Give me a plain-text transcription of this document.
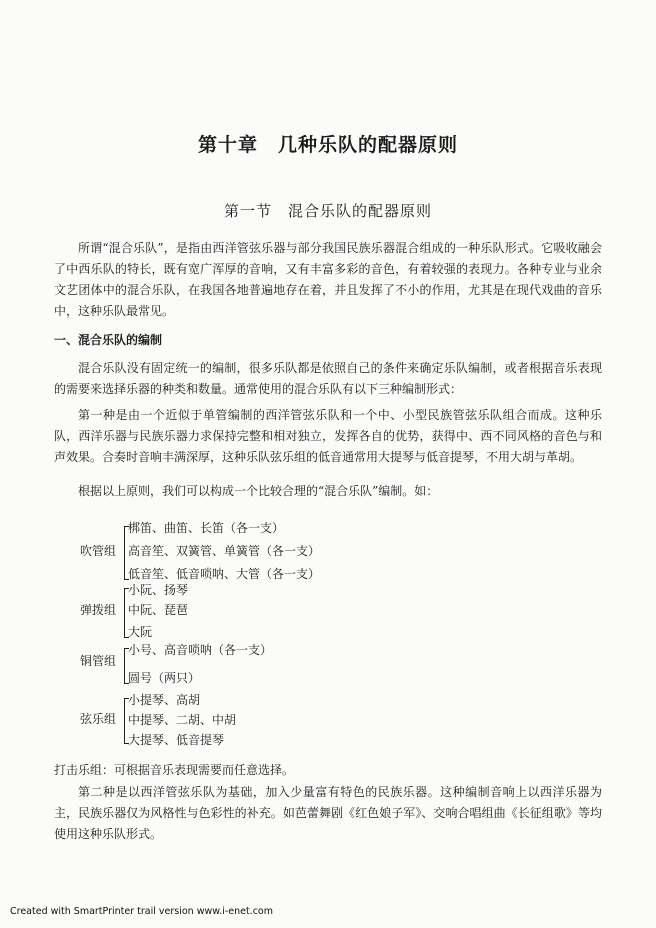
第十章　几种乐队的配器原则
第一节　混合乐队的配器原则

所谓“混合乐队”，是指由西洋管弦乐器与部分我国民族乐器混合组成的一种乐队形式。它吸收融会了中西乐队的特长，既有宽广浑厚的音响，又有丰富多彩的音色，有着较强的表现力。各种专业与业余文艺团体中的混合乐队，在我国各地普遍地存在着，并且发挥了不小的作用，尤其是在现代戏曲的音乐中，这种乐队最常见。

一、混合乐队的编制

混合乐队没有固定统一的编制，很多乐队都是依照自己的条件来确定乐队编制，或者根据音乐表现的需要来选择乐器的种类和数量。通常使用的混合乐队有以下三种编制形式：

第一种是由一个近似于单管编制的西洋管弦乐队和一个中、小型民族管弦乐队组合而成。这种乐队，西洋乐器与民族乐器力求保持完整和相对独立，发挥各自的优势，获得中、西不同风格的音色与和声效果。合奏时音响丰满深厚，这种乐队弦乐组的低音通常用大提琴与低音提琴，不用大胡与革胡。

根据以上原则，我们可以构成一个比较合理的“混合乐队”编制。如：

吹管组
梆笛、曲笛、长笛（各一支）
高音笙、双簧管、单簧管（各一支）
低音笙、低音唢呐、大管（各一支）
弹拨组
小阮、扬琴
中阮、琵琶
大阮
铜管组
小号、高音唢呐（各一支）
圆号（两只）
弦乐组
小提琴、高胡
中提琴、二胡、中胡
大提琴、低音提琴

打击乐组：可根据音乐表现需要而任意选择。

第二种是以西洋管弦乐队为基础，加入少量富有特色的民族乐器。这种编制音响上以西洋乐器为主，民族乐器仅为风格性与色彩性的补充。如芭蕾舞剧《红色娘子军》、交响合唱组曲《长征组歌》等均使用这种乐队形式。

Created with SmartPrinter trail version www.i-enet.com
